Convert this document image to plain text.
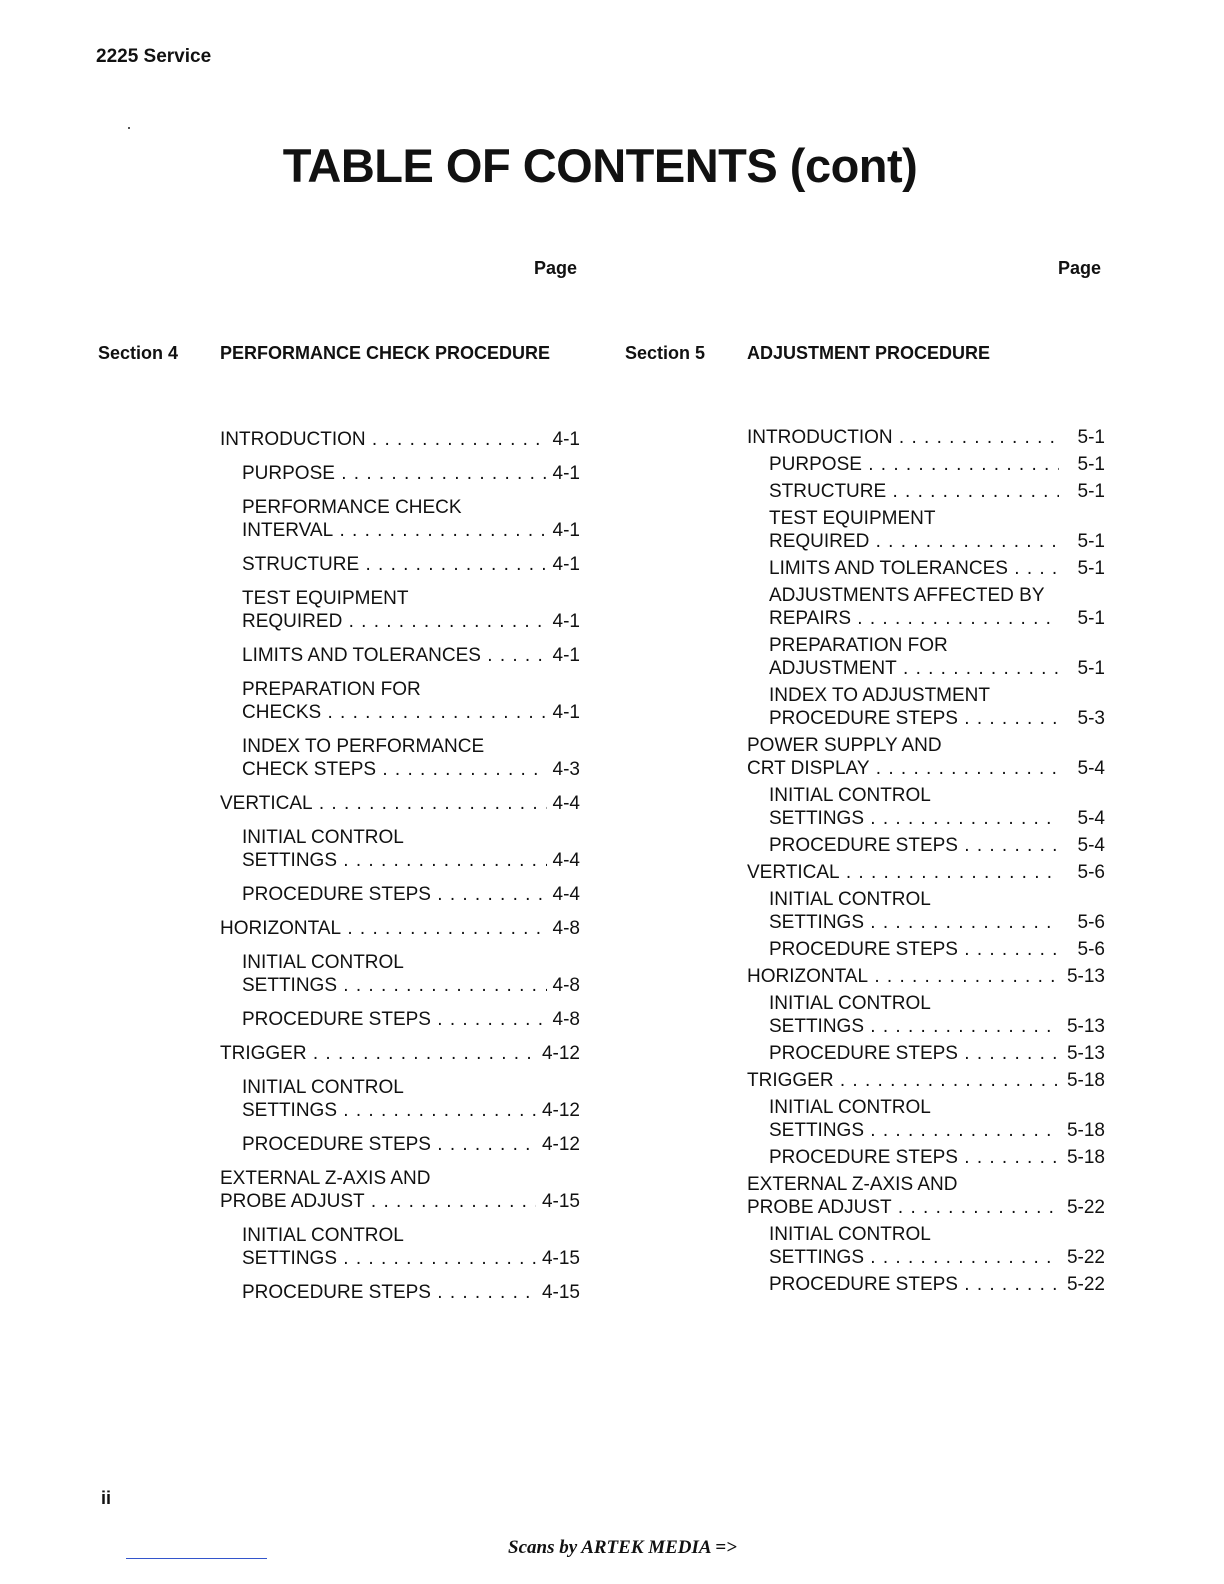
2225 Service
TABLE OF CONTENTS (cont)
Page	Page
Section 4 PERFORMANCE CHECK PROCEDURE	Section 5 ADJUSTMENT PROCEDURE
INTRODUCTION . . .	4-1
PURPOSE . . .	4-1
PERFORMANCE CHECK
INTERVAL . . .	4-1
STRUCTURE . . .	4-1
TEST EQUIPMENT
REQUIRED . . .	4-1
LIMITS AND TOLERANCES . . .	4-1
PREPARATION FOR
CHECKS . . .	4-1
INDEX TO PERFORMANCE
CHECK STEPS . . .	4-3
VERTICAL . . .	4-4
INITIAL CONTROL
SETTINGS . . .	4-4
PROCEDURE STEPS . . .	4-4
HORIZONTAL . . .	4-8
INITIAL CONTROL
SETTINGS . . .	4-8
PROCEDURE STEPS . . .	4-8
TRIGGER . . .	4-12
INITIAL CONTROL
SETTINGS . . .	4-12
PROCEDURE STEPS . . .	4-12
EXTERNAL Z-AXIS AND
PROBE ADJUST . . .	4-15
INITIAL CONTROL
SETTINGS . . .	4-15
PROCEDURE STEPS . . .	4-15
INTRODUCTION . . .	5-1
PURPOSE . . .	5-1
STRUCTURE . . .	5-1
TEST EQUIPMENT
REQUIRED . . .	5-1
LIMITS AND TOLERANCES . . .	5-1
ADJUSTMENTS AFFECTED BY
REPAIRS . . .	5-1
PREPARATION FOR
ADJUSTMENT . . .	5-1
INDEX TO ADJUSTMENT
PROCEDURE STEPS . . .	5-3
POWER SUPPLY AND
CRT DISPLAY . . .	5-4
INITIAL CONTROL
SETTINGS . . .	5-4
PROCEDURE STEPS . . .	5-4
VERTICAL . . .	5-6
INITIAL CONTROL
SETTINGS . . .	5-6
PROCEDURE STEPS . . .	5-6
HORIZONTAL . . .	5-13
INITIAL CONTROL
SETTINGS . . .	5-13
PROCEDURE STEPS . . .	5-13
TRIGGER . . .	5-18
INITIAL CONTROL
SETTINGS . . .	5-18
PROCEDURE STEPS . . .	5-18
EXTERNAL Z-AXIS AND
PROBE ADJUST . . .	5-22
INITIAL CONTROL
SETTINGS . . .	5-22
PROCEDURE STEPS . . .	5-22
ii
Scans by ARTEK MEDIA =>
